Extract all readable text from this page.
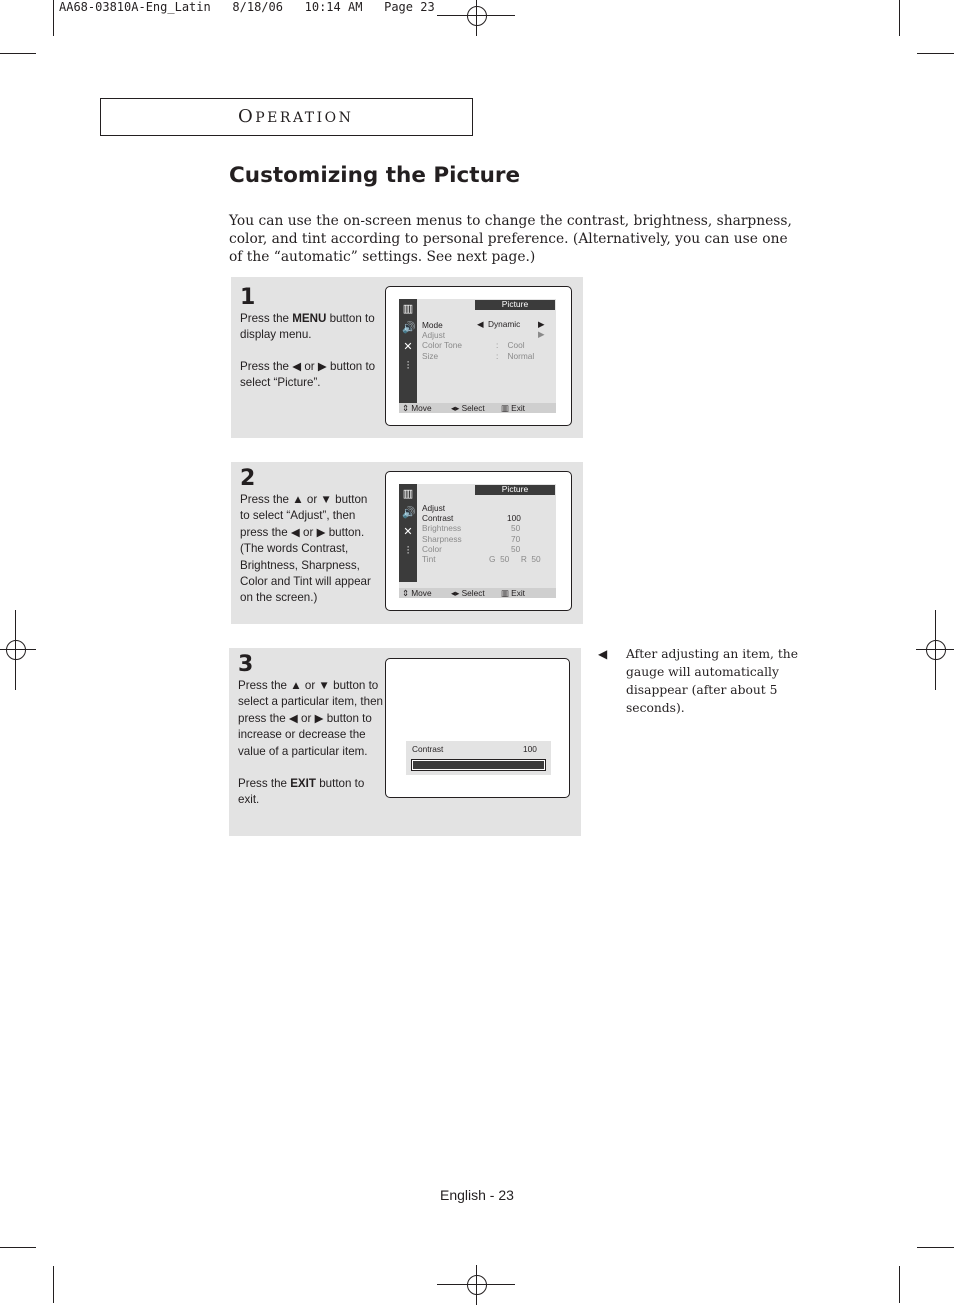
AA68-03810A-Eng_Latin   8/18/06   10:14 AM   Page 23
OPERATION
Customizing the Picture
You can use the on-screen menus to change the contrast, brightness, sharpness, color, and tint according to personal preference. (Alternatively, you can use one of the “automatic” settings. See next page.)
1
Press the MENU button to display menu.
Press the ◀ or ▶ button to select “Picture”.
▥
🔊
✕
⫶
Picture
Mode	◀  Dynamic ▶
Adjust	▶
Color Tone	:    Cool
Size	:    Normal
⇕ Move ◂▸ Select ▥ Exit
2
Press the ▲ or ▼ button to select “Adjust”, then press the ◀ or ▶ button. (The words Contrast, Brightness, Sharpness, Color and Tint will appear on the screen.)
▥
🔊
✕
⫶
Picture
Adjust
Contrast	100
Brightness	50
Sharpness	70
Color	50
Tint	G  50     R  50
⇕ Move ◂▸ Select ▥ Exit
3
Press the ▲ or ▼ button to select a particular item, then press the ◀ or ▶ button to increase or decrease the value of a particular item.
Press the EXIT button to exit.
Contrast	100
◀ After adjusting an item, the gauge will automatically disappear (after about 5 seconds).
English - 23
